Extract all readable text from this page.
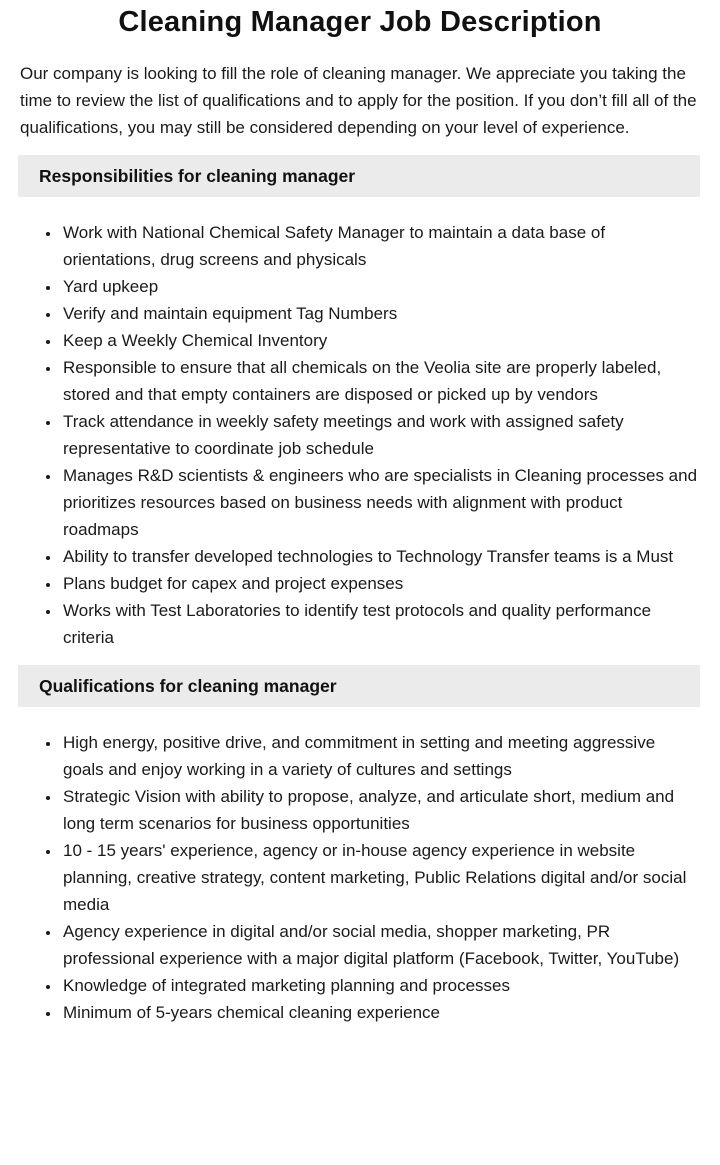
Cleaning Manager Job Description

Our company is looking to fill the role of cleaning manager. We appreciate you taking the time to review the list of qualifications and to apply for the position. If you don’t fill all of the qualifications, you may still be considered depending on your level of experience.

Responsibilities for cleaning manager
• Work with National Chemical Safety Manager to maintain a data base of orientations, drug screens and physicals
• Yard upkeep
• Verify and maintain equipment Tag Numbers
• Keep a Weekly Chemical Inventory
• Responsible to ensure that all chemicals on the Veolia site are properly labeled, stored and that empty containers are disposed or picked up by vendors
• Track attendance in weekly safety meetings and work with assigned safety representative to coordinate job schedule
• Manages R&D scientists & engineers who are specialists in Cleaning processes and prioritizes resources based on business needs with alignment with product roadmaps
• Ability to transfer developed technologies to Technology Transfer teams is a Must
• Plans budget for capex and project expenses
• Works with Test Laboratories to identify test protocols and quality performance criteria
Qualifications for cleaning manager
• High energy, positive drive, and commitment in setting and meeting aggressive goals and enjoy working in a variety of cultures and settings
• Strategic Vision with ability to propose, analyze, and articulate short, medium and long term scenarios for business opportunities
• 10 - 15 years' experience, agency or in-house agency experience in website planning, creative strategy, content marketing, Public Relations digital and/or social media
• Agency experience in digital and/or social media, shopper marketing, PR professional experience with a major digital platform (Facebook, Twitter, YouTube)
• Knowledge of integrated marketing planning and processes
• Minimum of 5-years chemical cleaning experience
